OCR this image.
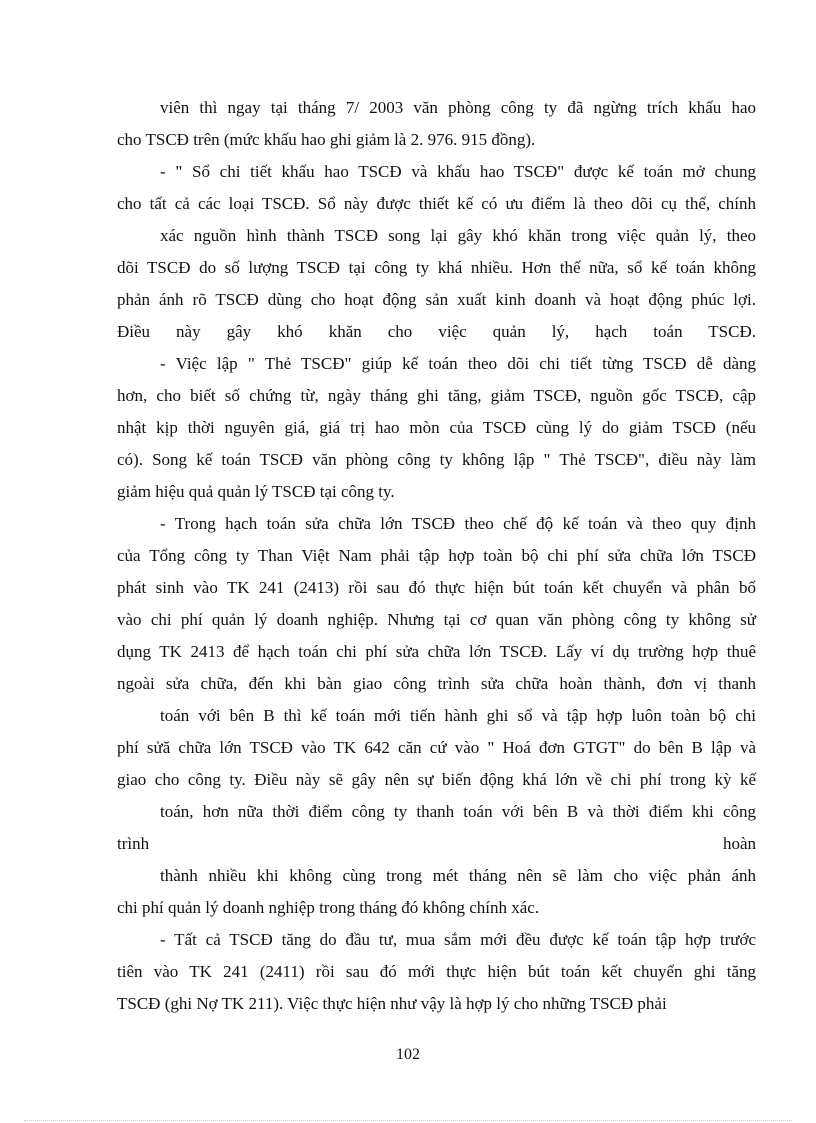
viên thì ngay tại tháng 7/ 2003 văn phòng công ty đã ngừng trích khấu hao
cho TSCĐ trên (mức khấu hao ghi giảm là 2. 976. 915 đồng).
- " Sổ chi tiết khấu hao TSCĐ và khấu hao TSCĐ" được kế toán mở chung
cho tất cả các loại TSCĐ. Sổ này được thiết kế có ưu điểm là theo dõi cụ thể, chính
xác nguồn hình thành TSCĐ song lại gây khó khăn trong việc quản lý, theo
dõi TSCĐ do số lượng TSCĐ tại công ty khá nhiều. Hơn thế nữa, sổ kế toán không
phản ánh rõ TSCĐ dùng cho hoạt động sản xuất kinh doanh và hoạt động phúc lợi.
Điều này gây khó khăn cho việc quản lý, hạch toán TSCĐ.
- Việc lập " Thẻ TSCĐ" giúp kế toán theo dõi chi tiết từng TSCĐ dễ dàng
hơn, cho biết số chứng từ, ngày tháng ghi tăng, giảm TSCĐ, nguồn gốc TSCĐ, cập
nhật kịp thời nguyên giá, giá trị hao mòn của TSCĐ cùng lý do giảm TSCĐ (nếu
có). Song kế toán TSCĐ văn phòng công ty không lập " Thẻ TSCĐ", điều này làm
giảm hiệu quả quản lý TSCĐ tại công ty.
- Trong hạch toán sửa chữa lớn TSCĐ theo chế độ kế toán và theo quy định
của Tổng công ty Than Việt Nam phải tập hợp toàn bộ chi phí sửa chữa lớn TSCĐ
phát sinh vào TK 241 (2413) rồi sau đó thực hiện bút toán kết chuyển và phân bổ
vào chi phí quản lý doanh nghiệp. Nhưng tại cơ quan văn phòng công ty không sử
dụng TK 2413 để hạch toán chi phí sửa chữa lớn TSCĐ. Lấy ví dụ trường hợp thuê
ngoài sửa chữa, đến khi bàn giao công trình sửa chữa hoàn thành, đơn vị thanh
toán với bên B thì kế toán mới tiến hành ghi sổ và tập hợp luôn toàn bộ chi
phí sửă chữa lớn TSCĐ vào TK 642 căn cứ vào " Hoá đơn GTGT" do bên B lập và
giao cho công ty. Điều này sẽ gây nên sự biến động khá lớn về chi phí trong kỳ kế
toán, hơn nữa thời điểm công ty thanh toán với bên B và thời điểm khi công
trình hoàn
thành nhiều khi không cùng trong mét tháng nên sẽ làm cho việc phản ánh
chi phí quản lý doanh nghiệp trong tháng đó không chính xác.
- Tất cả TSCĐ tăng do đầu tư, mua sắm mới đều được kế toán tập hợp trước
tiên vào TK 241 (2411) rồi sau đó mới thực hiện bút toán kết chuyển ghi tăng
TSCĐ (ghi Nợ TK 211). Việc thực hiện như vậy là hợp lý cho những TSCĐ phải
102
